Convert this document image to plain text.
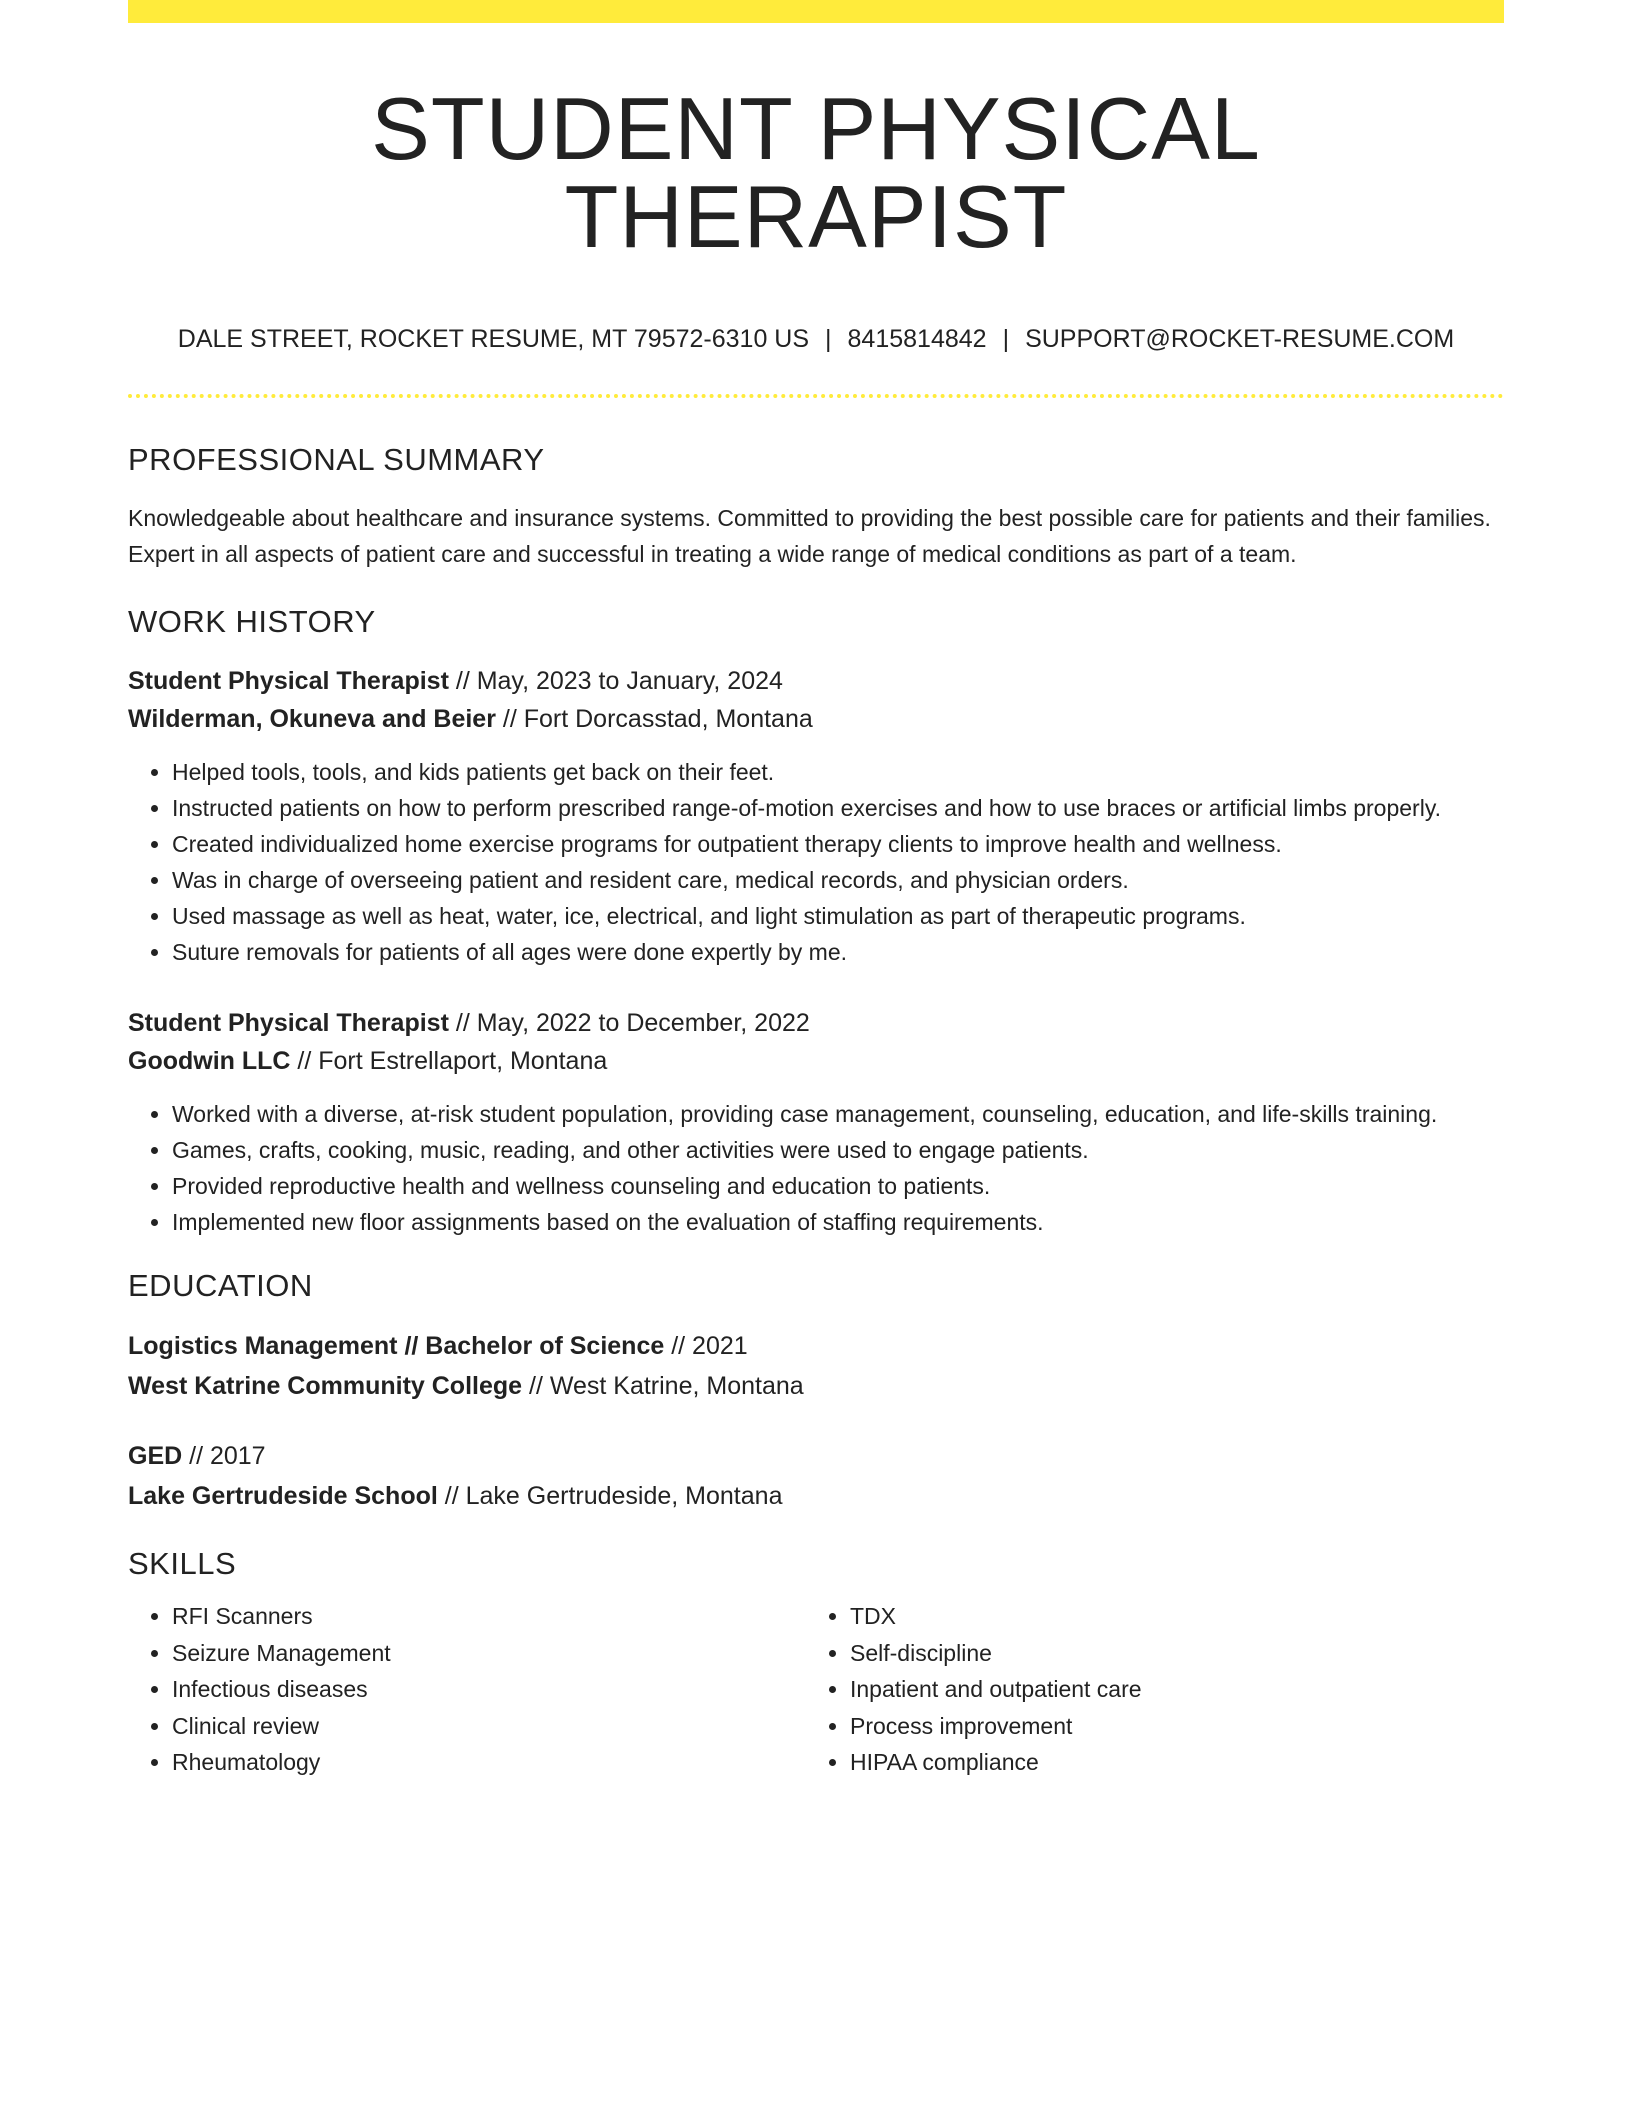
STUDENT PHYSICAL THERAPIST
DALE STREET, ROCKET RESUME, MT 79572-6310 US | 8415814842 | SUPPORT@ROCKET-RESUME.COM
PROFESSIONAL SUMMARY
Knowledgeable about healthcare and insurance systems. Committed to providing the best possible care for patients and their families. Expert in all aspects of patient care and successful in treating a wide range of medical conditions as part of a team.
WORK HISTORY
Student Physical Therapist // May, 2023 to January, 2024
Wilderman, Okuneva and Beier // Fort Dorcasstad, Montana
• Helped tools, tools, and kids patients get back on their feet.
• Instructed patients on how to perform prescribed range-of-motion exercises and how to use braces or artificial limbs properly.
• Created individualized home exercise programs for outpatient therapy clients to improve health and wellness.
• Was in charge of overseeing patient and resident care, medical records, and physician orders.
• Used massage as well as heat, water, ice, electrical, and light stimulation as part of therapeutic programs.
• Suture removals for patients of all ages were done expertly by me.
Student Physical Therapist // May, 2022 to December, 2022
Goodwin LLC // Fort Estrellaport, Montana
• Worked with a diverse, at-risk student population, providing case management, counseling, education, and life-skills training.
• Games, crafts, cooking, music, reading, and other activities were used to engage patients.
• Provided reproductive health and wellness counseling and education to patients.
• Implemented new floor assignments based on the evaluation of staffing requirements.
EDUCATION
Logistics Management // Bachelor of Science // 2021
West Katrine Community College // West Katrine, Montana
GED // 2017
Lake Gertrudeside School // Lake Gertrudeside, Montana
SKILLS
• RFI Scanners
• Seizure Management
• Infectious diseases
• Clinical review
• Rheumatology
• TDX
• Self-discipline
• Inpatient and outpatient care
• Process improvement
• HIPAA compliance
